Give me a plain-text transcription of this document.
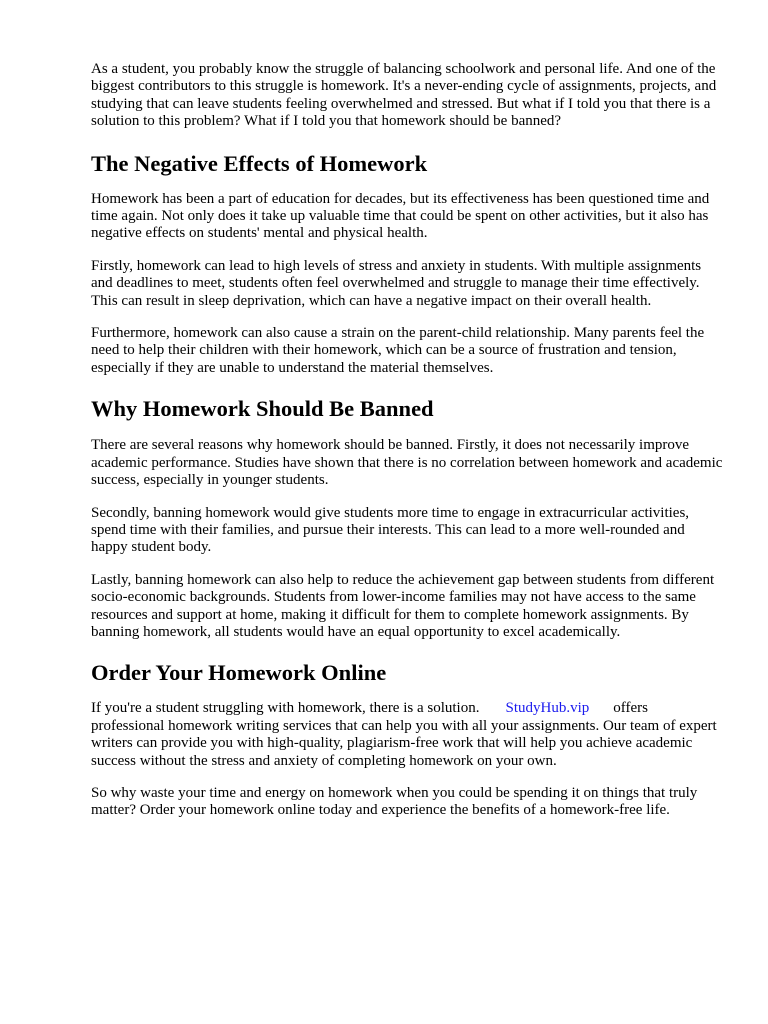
As a student, you probably know the struggle of balancing schoolwork and personal life. And one of the biggest contributors to this struggle is homework. It's a never-ending cycle of assignments, projects, and studying that can leave students feeling overwhelmed and stressed. But what if I told you that there is a solution to this problem? What if I told you that homework should be banned?

The Negative Effects of Homework

Homework has been a part of education for decades, but its effectiveness has been questioned time and time again. Not only does it take up valuable time that could be spent on other activities, but it also has negative effects on students' mental and physical health.

Firstly, homework can lead to high levels of stress and anxiety in students. With multiple assignments and deadlines to meet, students often feel overwhelmed and struggle to manage their time effectively. This can result in sleep deprivation, which can have a negative impact on their overall health.

Furthermore, homework can also cause a strain on the parent-child relationship. Many parents feel the need to help their children with their homework, which can be a source of frustration and tension, especially if they are unable to understand the material themselves.

Why Homework Should Be Banned

There are several reasons why homework should be banned. Firstly, it does not necessarily improve academic performance. Studies have shown that there is no correlation between homework and academic success, especially in younger students.

Secondly, banning homework would give students more time to engage in extracurricular activities, spend time with their families, and pursue their interests. This can lead to a more well-rounded and happy student body.

Lastly, banning homework can also help to reduce the achievement gap between students from different socio-economic backgrounds. Students from lower-income families may not have access to the same resources and support at home, making it difficult for them to complete homework assignments. By banning homework, all students would have an equal opportunity to excel academically.

Order Your Homework Online

If you're a student struggling with homework, there is a solution. StudyHub.vip offers professional homework writing services that can help you with all your assignments. Our team of expert writers can provide you with high-quality, plagiarism-free work that will help you achieve academic success without the stress and anxiety of completing homework on your own.

So why waste your time and energy on homework when you could be spending it on things that truly matter? Order your homework online today and experience the benefits of a homework-free life.
